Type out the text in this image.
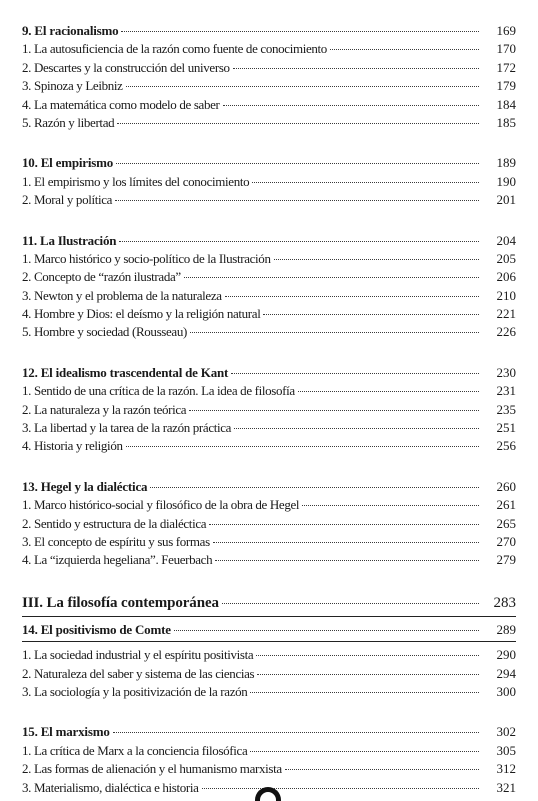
9. El racionalismo	169
1. La autosuficiencia de la razón como fuente de conocimiento	170
2. Descartes y la construcción del universo	172
3. Spinoza y Leibniz	179
4. La matemática como modelo de saber	184
5. Razón y libertad	185
10. El empirismo	189
1. El empirismo y los límites del conocimiento	190
2. Moral y política	201
11. La Ilustración	204
1. Marco histórico y socio-político de la Ilustración	205
2. Concepto de “razón ilustrada”	206
3. Newton y el problema de la naturaleza	210
4. Hombre y Dios: el deísmo y la religión natural	221
5. Hombre y sociedad (Rousseau)	226
12. El idealismo trascendental de Kant	230
1. Sentido de una crítica de la razón. La idea de filosofía	231
2. La naturaleza y la razón teórica	235
3. La libertad y la tarea de la razón práctica	251
4. Historia y religión	256
13. Hegel y la dialéctica	260
1. Marco histórico-social y filosófico de la obra de Hegel	261
2. Sentido y estructura de la dialéctica	265
3. El concepto de espíritu y sus formas	270
4. La “izquierda hegeliana”. Feuerbach	279
III. La filosofía contemporánea	283
14. El positivismo de Comte	289
1. La sociedad industrial y el espíritu positivista	290
2. Naturaleza del saber y sistema de las ciencias	294
3. La sociología y la positivización de la razón	300
15. El marxismo	302
1. La crítica de Marx a la conciencia filosófica	305
2. Las formas de alienación y el humanismo marxista	312
3. Materialismo, dialéctica e historia	321
